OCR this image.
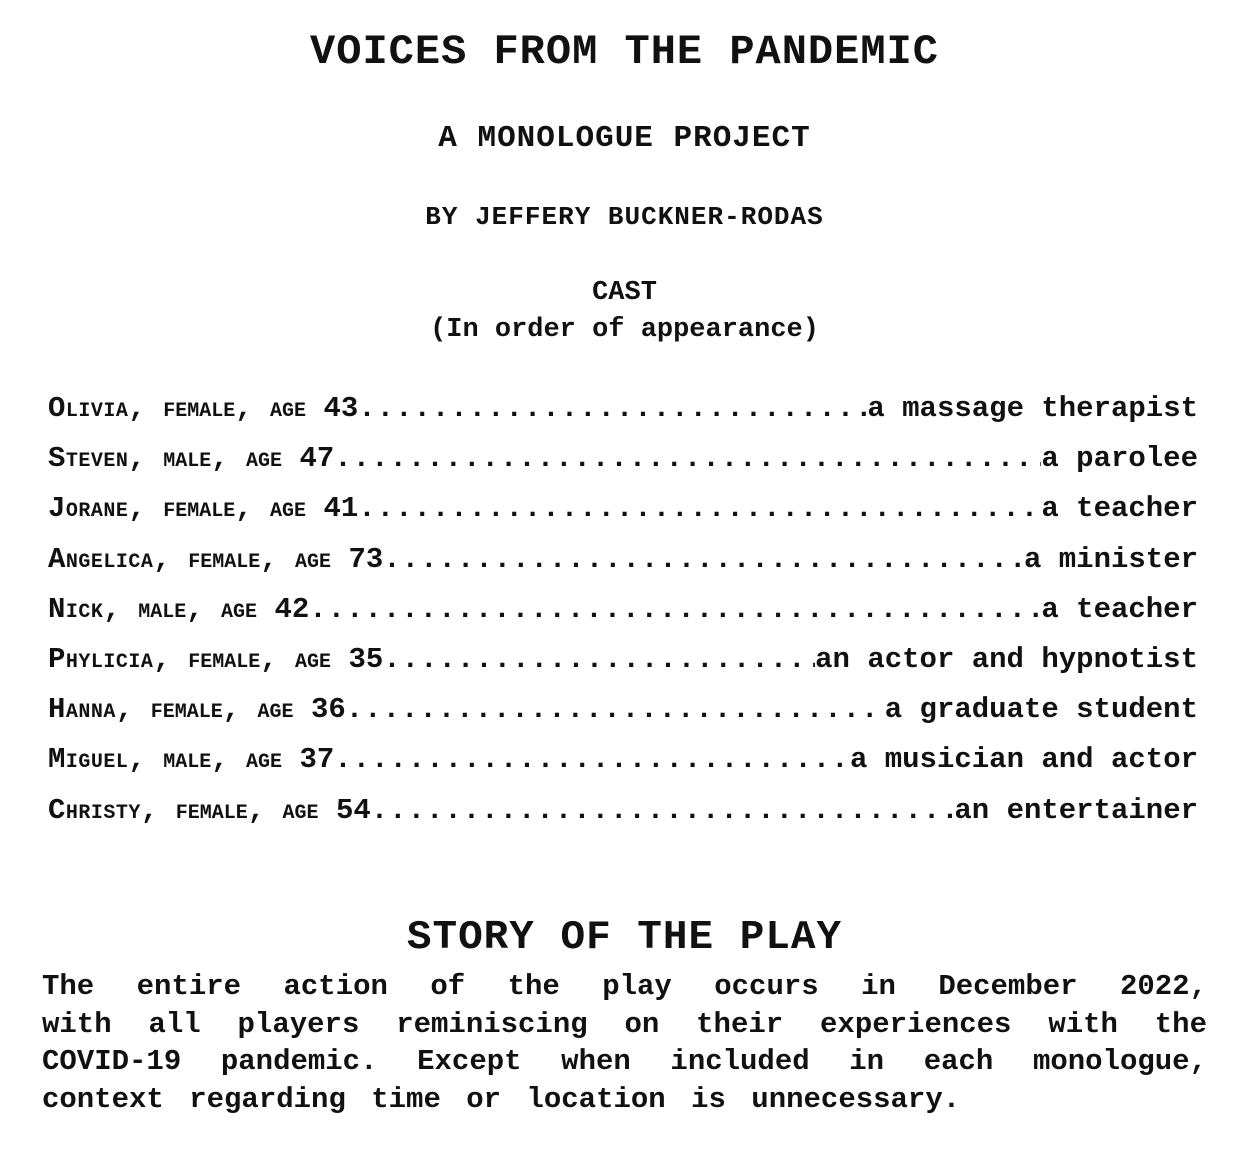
VOICES FROM THE PANDEMIC
A MONOLOGUE PROJECT
BY JEFFERY BUCKNER-RODAS
CAST
(In order of appearance)
Olivia, female, age 43 .....	a massage therapist
Steven, male, age 47 .....	a parolee
Jorane, female, age 41 .....	a teacher
Angelica, female, age 73 .....	a minister
Nick, male, age 42 .....	a teacher
Phylicia, female, age 35 .....	an actor and hypnotist
Hanna, female, age 36 .....	a graduate student
Miguel, male, age 37 .....	a musician and actor
Christy, female, age 54 .....	an entertainer
STORY OF THE PLAY

The entire action of the play occurs in December 2022,
with all players reminiscing on their experiences with the
COVID-19 pandemic. Except when included in each monologue,
context regarding time or location is unnecessary.
